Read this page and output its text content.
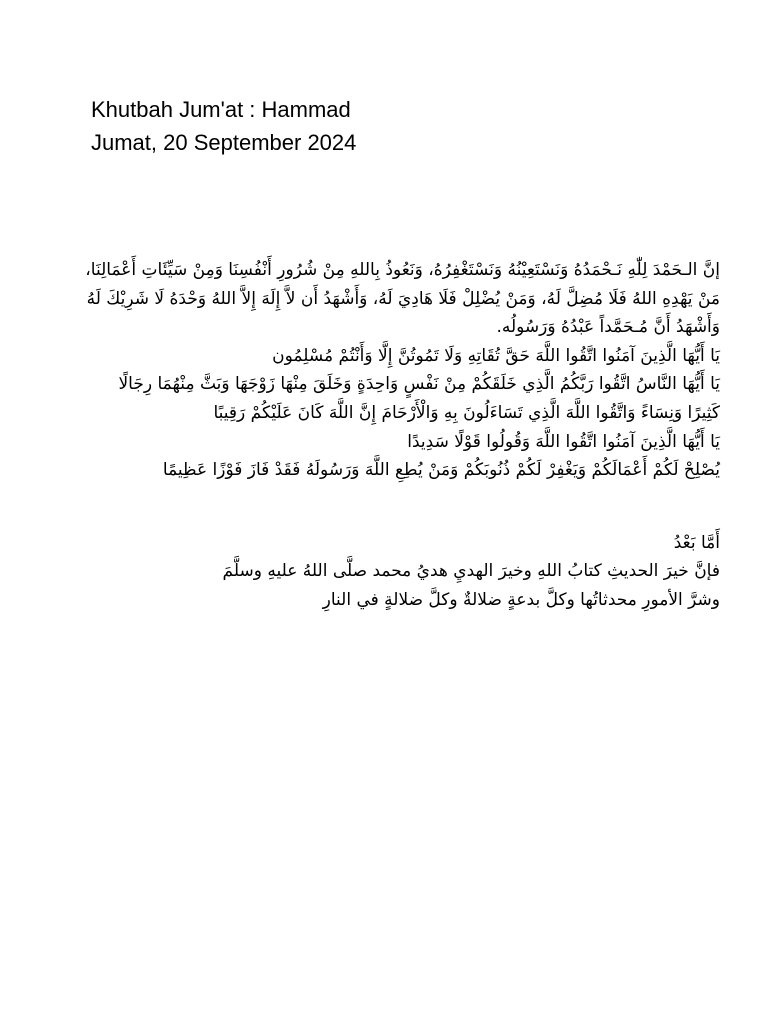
Khutbah Jum'at : Hammad
Jumat, 20 September 2024

إنَّ الـحَمْدَ لِلّٰهِ نَـحْمَدُهُ وَنَسْتَعِيْنُهُ وَنَسْتَغْفِرُهُ، وَنَعُوذُ بِاللهِ مِنْ شُرُورِ أَنْفُسِنَا وَمِنْ سَيِّئَاتِ أَعْمَالِنَا، مَنْ يَهْدِهِ اللهُ فَلَا مُضِلَّ لَهُ، وَمَنْ يُضْلِلْ فَلَا هَادِيَ لَهُ، وَأَشْهَدُ أَن لاَّ إِلَهَ إِلاَّ اللهُ وَحْدَهُ لَا شَرِيْكَ لَهُ وَأَشْهَدُ أَنَّ مُـحَمَّداً عَبْدُهُ وَرَسُولُه.

يَا أَيُّهَا الَّذِينَ آمَنُوا اتَّقُوا اللَّهَ حَقَّ تُقَاتِهِ وَلَا تَمُوتُنَّ إِلَّا وَأَنْتُمْ مُسْلِمُون

يَا أَيُّهَا النَّاسُ اتَّقُوا رَبَّكُمُ الَّذِي خَلَقَكُمْ مِنْ نَفْسٍ وَاحِدَةٍ وَخَلَقَ مِنْهَا زَوْجَهَا وَبَثَّ مِنْهُمَا رِجَالًا كَثِيرًا وَنِسَاءً وَاتَّقُوا اللَّهَ الَّذِي تَسَاءَلُونَ بِهِ وَالْأَرْحَامَ إِنَّ اللَّهَ كَانَ عَلَيْكُمْ رَقِيبًا

يَا أَيُّهَا الَّذِينَ آمَنُوا اتَّقُوا اللَّهَ وَقُولُوا قَوْلًا سَدِيدًا

يُصْلِحْ لَكُمْ أَعْمَالَكُمْ وَيَغْفِرْ لَكُمْ ذُنُوبَكُمْ وَمَنْ يُطِعِ اللَّهَ وَرَسُولَهُ فَقَدْ فَازَ فَوْزًا عَظِيمًا

أَمَّا بَعْدُ

فإنَّ خيرَ الحديثِ كتابُ اللهِ وخيرَ الهديِ هديُ محمد صلَّى اللهُ عليهِ وسلَّمَ

وشرَّ الأمورِ محدثاتُها وكلَّ بدعةٍ ضلالةٌ وكلَّ ضلالةٍ في النارِ
